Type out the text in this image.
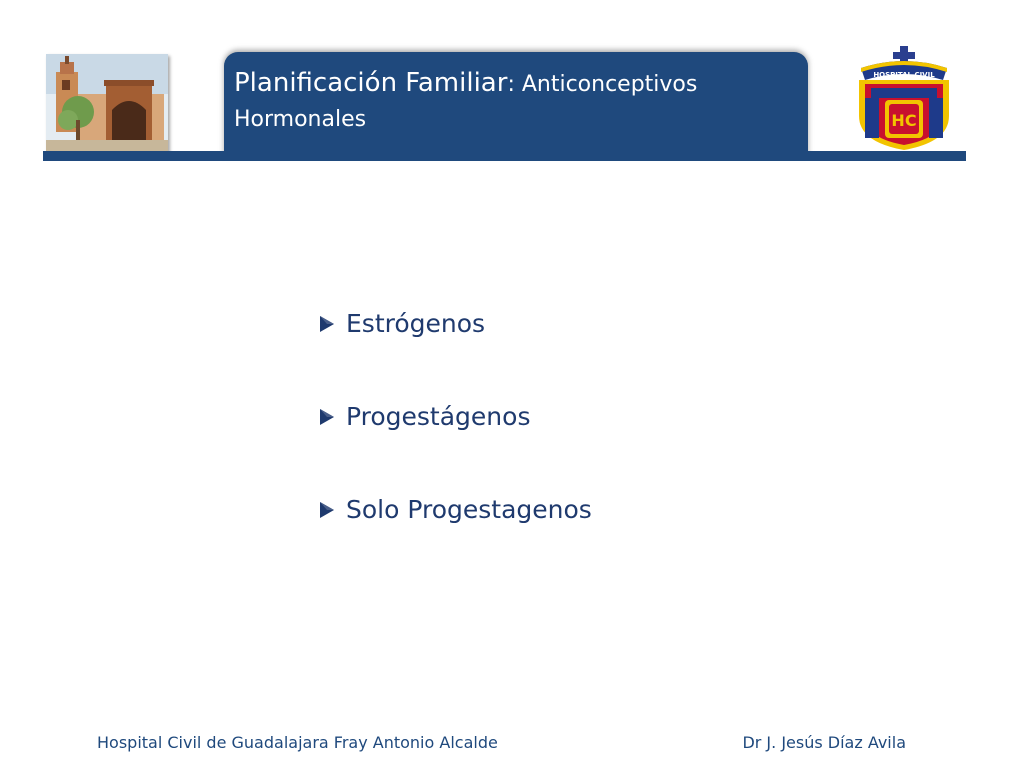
Planificación Familiar: Anticonceptivos
Hormonales	HC
HOSPITAL CIVIL
Estrógenos
Progestágenos
Solo Progestagenos
Hospital Civil de Guadalajara Fray Antonio Alcalde	Dr J. Jesús Díaz Avila
